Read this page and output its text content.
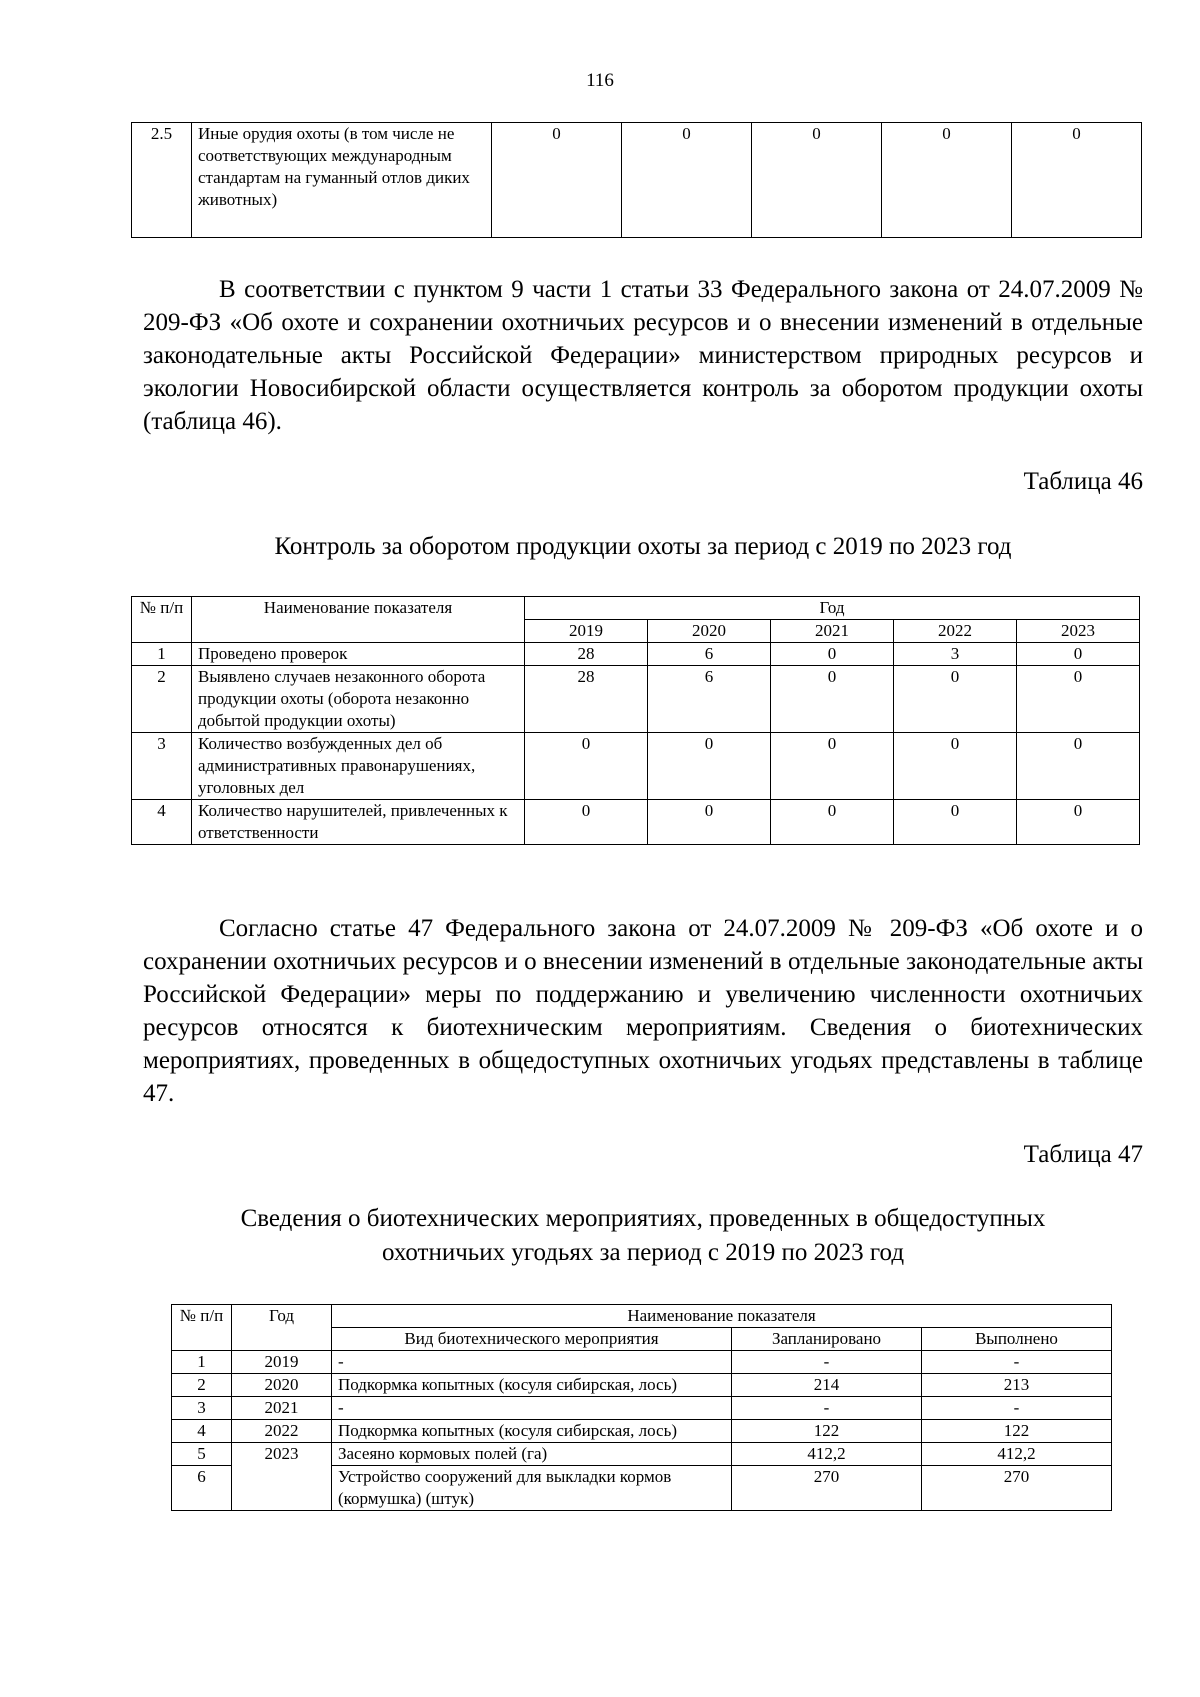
116
2.5	Иные орудия охоты (в том числе не соответствующих международным стандартам на гуманный отлов диких животных)	0	0	0	0	0

В соответствии с пунктом 9 части 1 статьи 33 Федерального закона от 24.07.2009 № 209-ФЗ «Об охоте и сохранении охотничьих ресурсов и о внесении изменений в отдельные законодательные акты Российской Федерации» министерством природных ресурсов и экологии Новосибирской области осуществляется контроль за оборотом продукции охоты (таблица 46).

Таблица 46

Контроль за оборотом продукции охоты за период с 2019 по 2023 год

№ п/п	Наименование показателя	Год				
		2019	2020	2021	2022	2023
1	Проведено проверок	28	6	0	3	0
2	Выявлено случаев незаконного оборота продукции охоты (оборота незаконно добытой продукции охоты)	28	6	0	0	0
3	Количество возбужденных дел об административных правонарушениях, уголовных дел	0	0	0	0	0
4	Количество нарушителей, привлеченных к ответственности	0	0	0	0	0

Согласно статье 47 Федерального закона от 24.07.2009 № 209-ФЗ «Об охоте и о сохранении охотничьих ресурсов и о внесении изменений в отдельные законодательные акты Российской Федерации» меры по поддержанию и увеличению численности охотничьих ресурсов относятся к биотехническим мероприятиям. Сведения о биотехнических мероприятиях, проведенных в общедоступных охотничьих угодьях представлены в таблице 47.

Таблица 47

Сведения о биотехнических мероприятиях, проведенных в общедоступных охотничьих угодьях за период с 2019 по 2023 год

№ п/п	Год	Наименование показателя		
		Вид биотехнического мероприятия	Запланировано	Выполнено
1	2019	-	-	-
2	2020	Подкормка копытных (косуля сибирская, лось)	214	213
3	2021	-	-	-
4	2022	Подкормка копытных (косуля сибирская, лось)	122	122
5	2023	Засеяно кормовых полей (га)	412,2	412,2
6		Устройство сооружений для выкладки кормов (кормушка) (штук)	270	270
